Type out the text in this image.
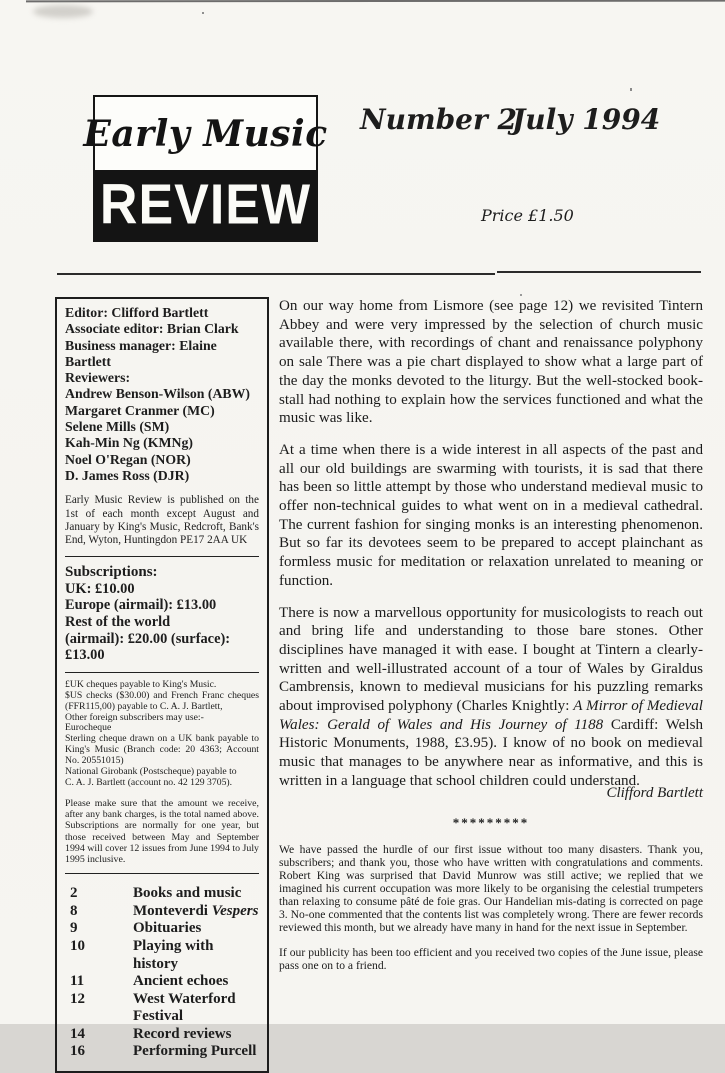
Early Music
REVIEW
Number 2
July 1994
Price £1.50
Editor: Clifford Bartlett
Associate editor: Brian Clark
Business manager: Elaine Bartlett
Reviewers:
Andrew Benson-Wilson (ABW)
Margaret Cranmer (MC)
Selene Mills (SM)
Kah-Min Ng (KMNg)
Noel O'Regan (NOR)
D. James Ross (DJR)
Early Music Review is published on the 1st of each month except August and January by King's Music, Redcroft, Bank's End, Wyton, Huntingdon PE17 2AA UK
Subscriptions:
UK: £10.00
Europe (airmail): £13.00
Rest of the world
(airmail): £20.00 (surface): £13.00

£UK cheques payable to King's Music.

$US checks ($30.00) and French Franc cheques (FFR115,00) payable to C. A. J. Bartlett,

Other foreign subscribers may use:-

Eurocheque

Sterling cheque drawn on a UK bank payable to King's Music (Branch code: 20 4363; Account No. 20551015)

National Girobank (Postscheque) payable to

C. A. J. Bartlett (account no. 42 129 3705).

Please make sure that the amount we receive, after any bank charges, is the total named above. Subscriptions are normally for one year, but those received between May and September 1994 will cover 12 issues from June 1994 to July 1995 inclusive.
2	Books and music
8	Monteverdi Vespers
9	Obituaries
10	Playing with history
11	Ancient echoes
12	West Waterford Festival
14	Record reviews
16	Performing Purcell

On our way home from Lismore (see page 12) we revisited Tintern Abbey and were very impressed by the selection of church music available there, with recordings of chant and renaissance polyphony on sale There was a pie chart displayed to show what a large part of the day the monks devoted to the liturgy. But the well-stocked book-stall had nothing to explain how the services functioned and what the music was like.

At a time when there is a wide interest in all aspects of the past and all our old buildings are swarming with tourists, it is sad that there has been so little attempt by those who understand medieval music to offer non-technical guides to what went on in a medieval cathedral. The current fashion for singing monks is an interesting phenomenon. But so far its devotees seem to be prepared to accept plainchant as formless music for meditation or relaxation unrelated to meaning or function.

There is now a marvellous opportunity for musicologists to reach out and bring life and understanding to those bare stones. Other disciplines have managed it with ease. I bought at Tintern a clearly-written and well-illustrated account of a tour of Wales by Giraldus Cambrensis, known to medieval musicians for his puzzling remarks about improvised polyphony (Charles Knightly: A Mirror of Medieval Wales: Gerald of Wales and His Journey of 1188 Cardiff: Welsh Historic Monuments, 1988, £3.95). I know of no book on medieval music that manages to be anywhere near as informative, and this is written in a language that school children could understand.

Clifford Bartlett
*********

We have passed the hurdle of our first issue without too many disasters. Thank you, subscribers; and thank you, those who have written with congratulations and comments. Robert King was surprised that David Munrow was still active; we replied that we imagined his current occupation was more likely to be organising the celestial trumpeters than relaxing to consume pâté de foie gras. Our Handelian mis-dating is corrected on page 3. No-one commented that the contents list was completely wrong. There are fewer records reviewed this month, but we already have many in hand for the next issue in September.

If our publicity has been too efficient and you received two copies of the June issue, please pass one on to a friend.
